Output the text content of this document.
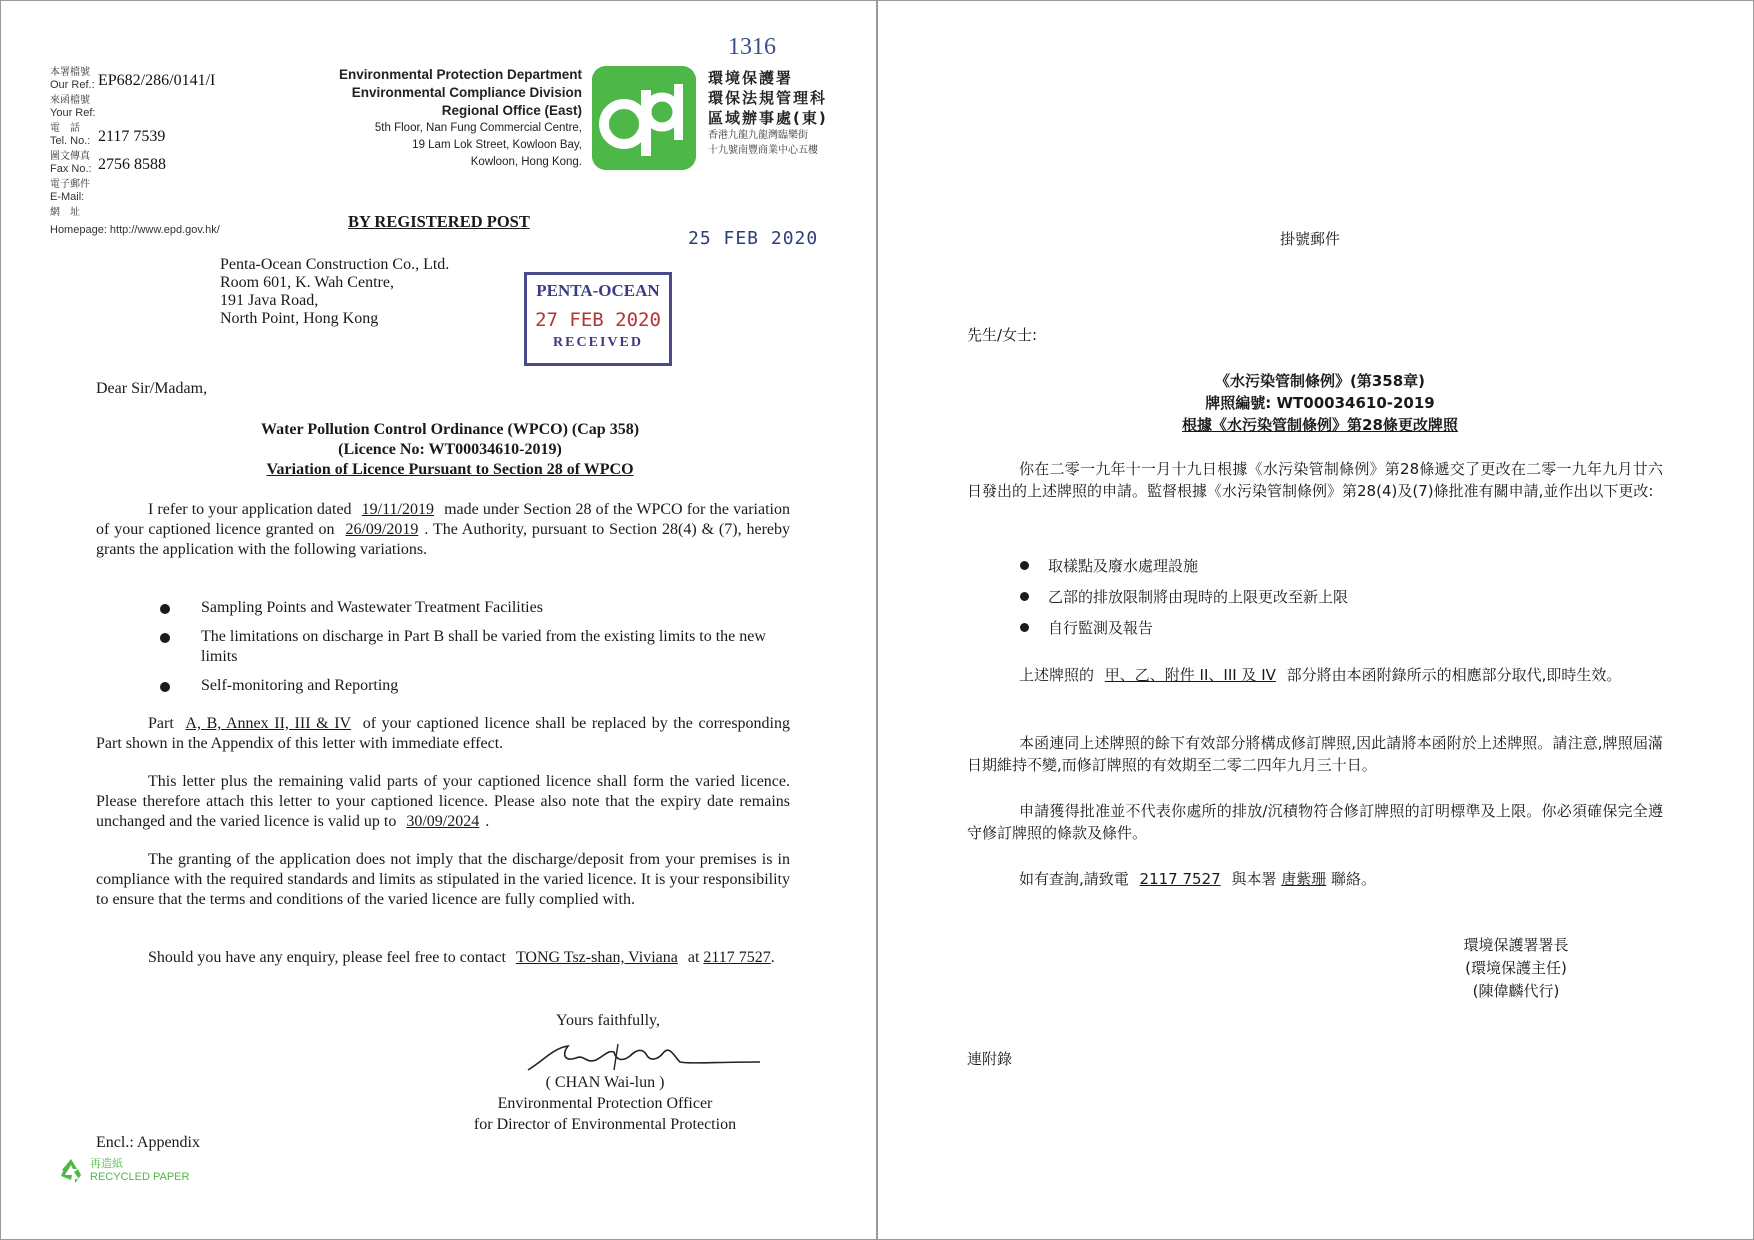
1316
本署檔號
Our Ref.: EP682/286/0141/I
來函檔號
Your Ref:
電　話
Tel. No.: 2117 7539
圖文傳真
Fax No.: 2756 8588
電子郵件
E-Mail:
網　址
Homepage: http://www.epd.gov.hk/
Environmental Protection Department
Environmental Compliance Division
Regional Office (East)
5th Floor, Nan Fung Commercial Centre,
19 Lam Lok Street, Kowloon Bay,
Kowloon, Hong Kong.
環境保護署
環保法規管理科
區域辦事處(東)
香港九龍九龍灣臨樂街
十九號南豐商業中心五樓
BY REGISTERED POST
25 FEB 2020
Penta-Ocean Construction Co., Ltd.
Room 601, K. Wah Centre,
191 Java Road,
North Point, Hong Kong
PENTA-OCEAN
27 FEB 2020
RECEIVED
Dear Sir/Madam,
Water Pollution Control Ordinance (WPCO) (Cap 358)
(Licence No: WT00034610-2019)
Variation of Licence Pursuant to Section 28 of WPCO

I refer to your application dated 19/11/2019 made under Section 28 of the WPCO for the variation of your captioned licence granted on 26/09/2019 . The Authority, pursuant to Section 28(4) & (7), hereby grants the application with the following variations.

Sampling Points and Wastewater Treatment Facilities
The limitations on discharge in Part B shall be varied from the existing limits to the new limits
Self-monitoring and Reporting

Part A, B, Annex II, III & IV of your captioned licence shall be replaced by the corresponding Part shown in the Appendix of this letter with immediate effect.

This letter plus the remaining valid parts of your captioned licence shall form the varied licence. Please therefore attach this letter to your captioned licence. Please also note that the expiry date remains unchanged and the varied licence is valid up to 30/09/2024 .

The granting of the application does not imply that the discharge/deposit from your premises is in compliance with the required standards and limits as stipulated in the varied licence. It is your responsibility to ensure that the terms and conditions of the varied licence are fully complied with.

Should you have any enquiry, please feel free to contact TONG Tsz-shan, Viviana at 2117 7527.

Yours faithfully,
( CHAN Wai-lun )
Environmental Protection Officer
for Director of Environmental Protection
Encl.: Appendix
再造紙
RECYCLED PAPER
掛號郵件
先生/女士:
《水污染管制條例》(第358章)
牌照編號: WT00034610-2019
根據《水污染管制條例》第28條更改牌照

你在二零一九年十一月十九日根據《水污染管制條例》第28條遞交了更改在二零一九年九月廿六日發出的上述牌照的申請。監督根據《水污染管制條例》第28(4)及(7)條批准有關申請,並作出以下更改:

取樣點及廢水處理設施
乙部的排放限制將由現時的上限更改至新上限
自行監測及報告

上述牌照的 甲、乙、附件 II、III 及 IV 部分將由本函附錄所示的相應部分取代,即時生效。

本函連同上述牌照的餘下有效部分將構成修訂牌照,因此請將本函附於上述牌照。請注意,牌照屆滿日期維持不變,而修訂牌照的有效期至二零二四年九月三十日。

申請獲得批准並不代表你處所的排放/沉積物符合修訂牌照的訂明標準及上限。你必須確保完全遵守修訂牌照的條款及條件。

如有查詢,請致電 2117 7527 與本署 唐紫珊 聯絡。

環境保護署署長
(環境保護主任)
(陳偉麟代行)
連附錄
